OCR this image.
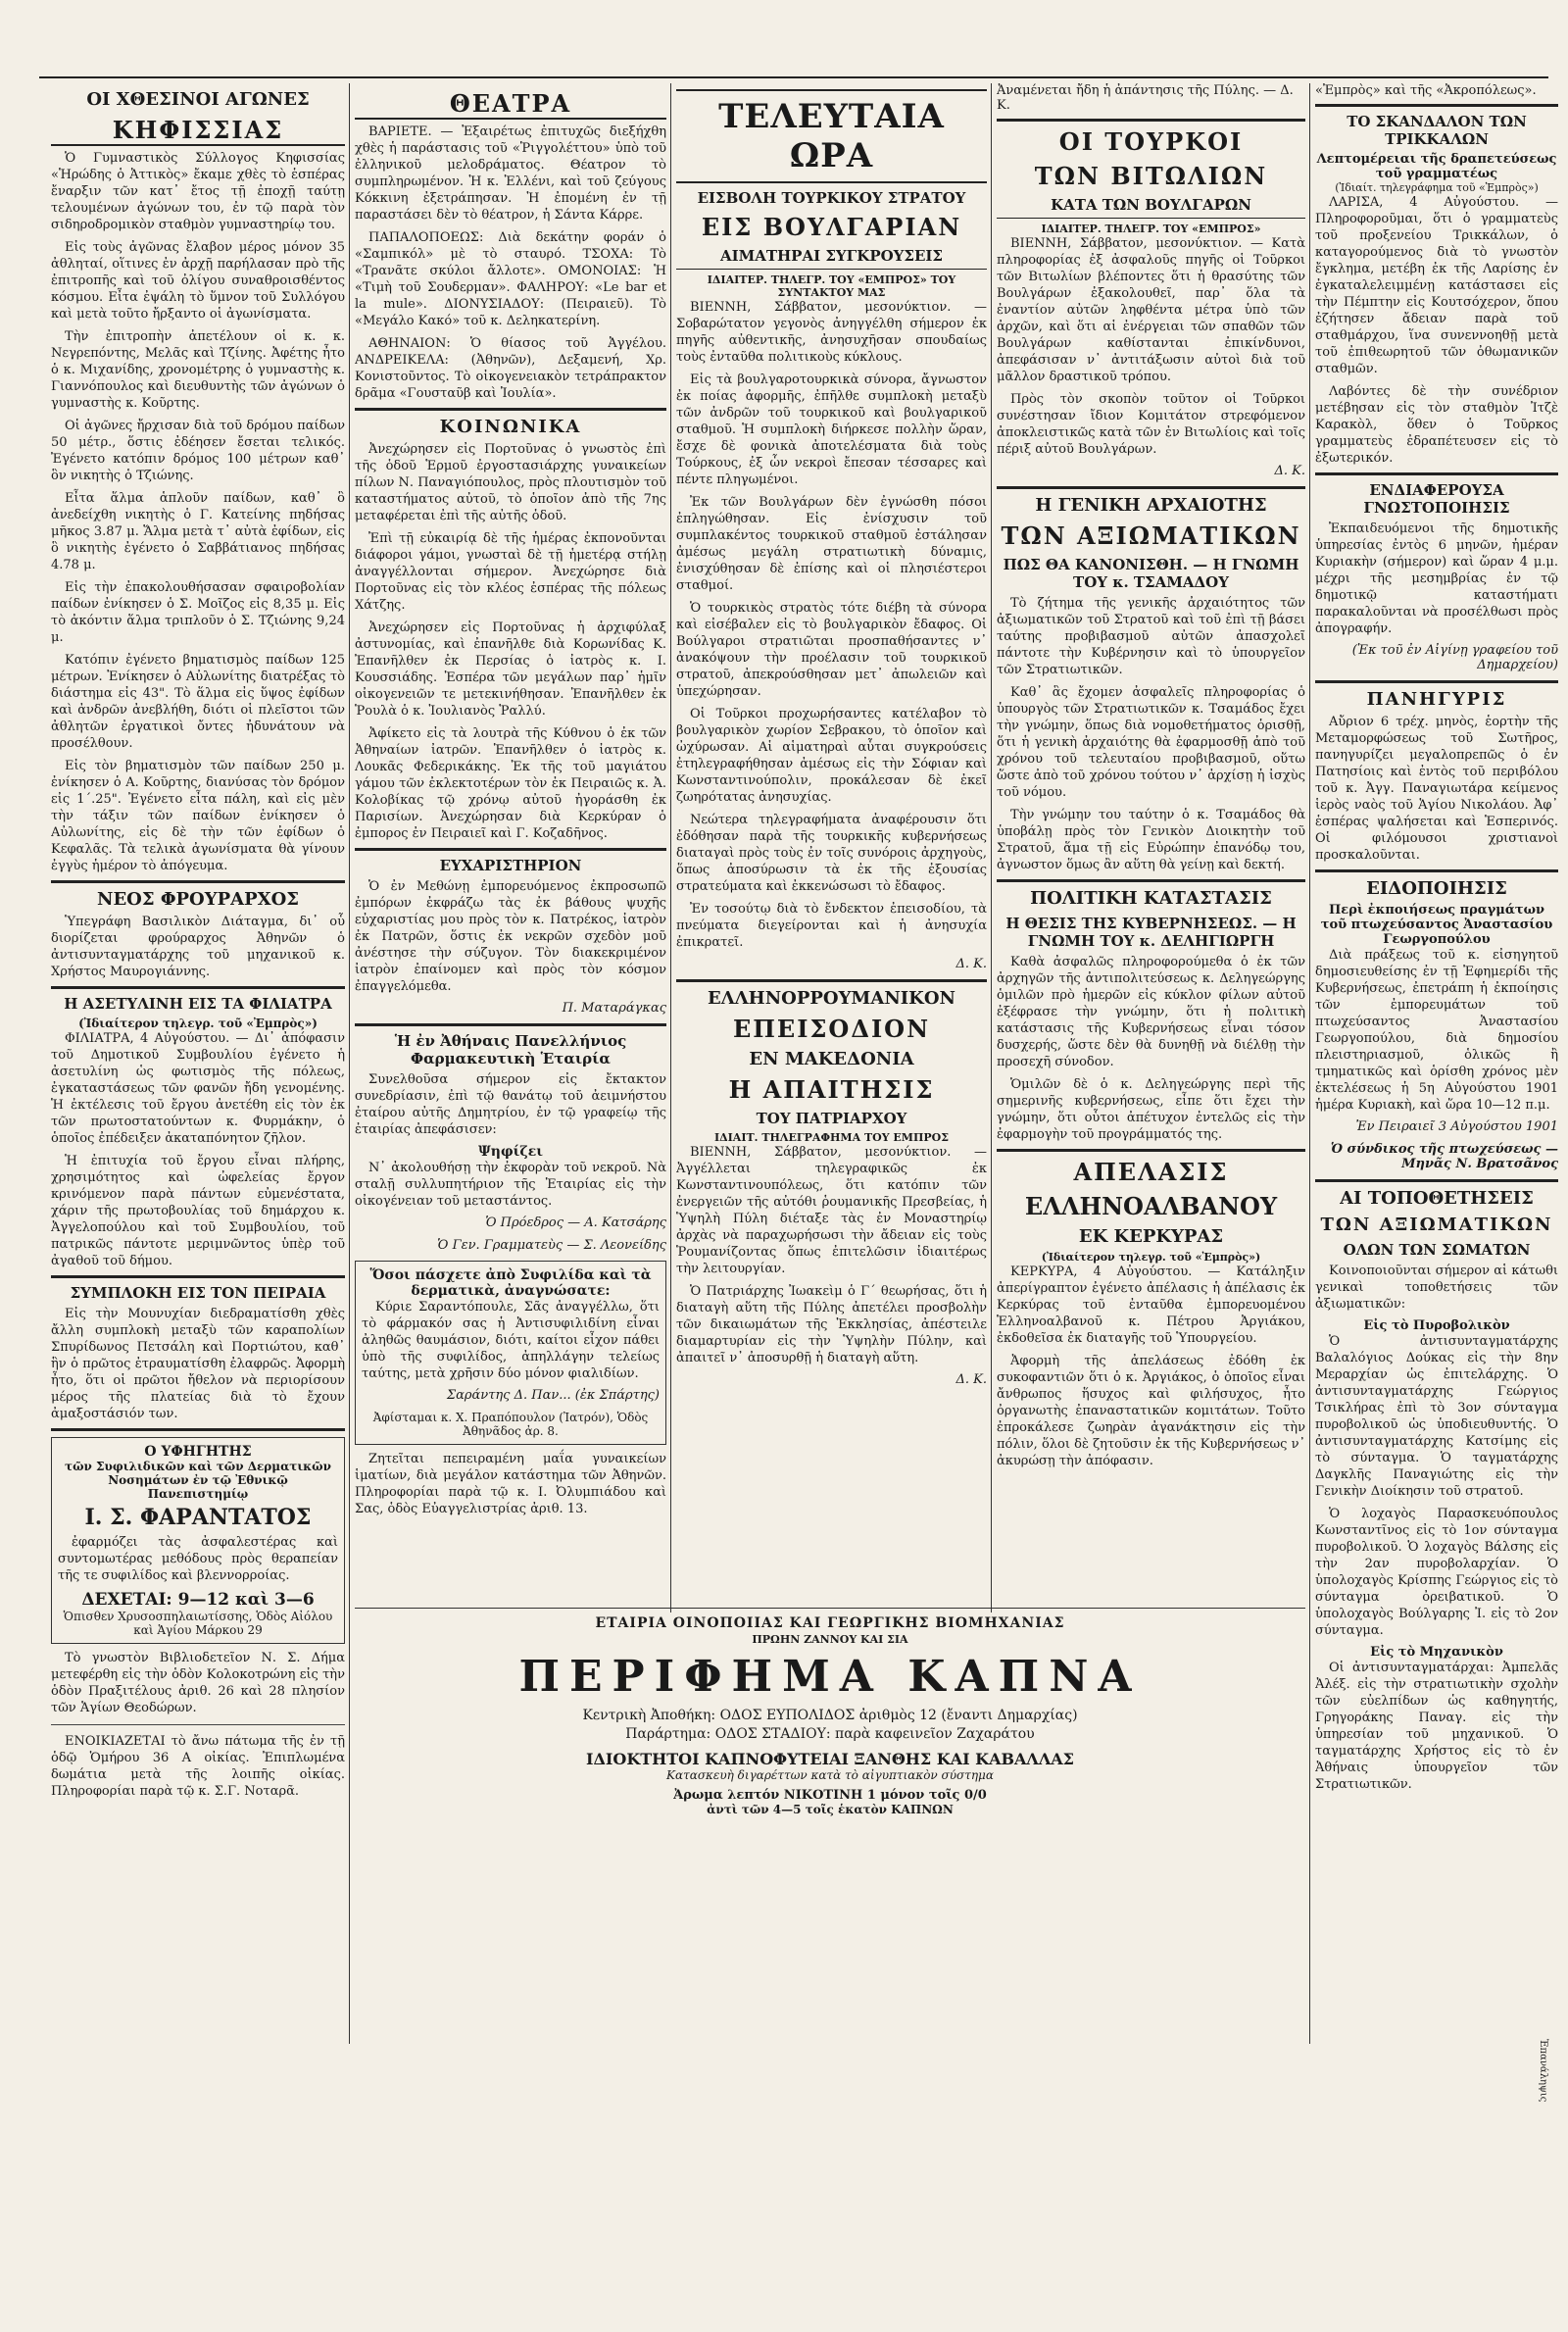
ΟΙ ΧΘΕΣΙΝΟΙ ΑΓΩΝΕΣ
ΚΗΦΙΣΣΙΑΣ

Ὁ Γυμναστικὸς Σύλλογος Κηφισσίας «Ἡρώδης ὁ Ἀττικὸς» ἔκαμε χθὲς τὸ ἑσπέρας ἔναρξιν τῶν κατ᾽ ἔτος τῇ ἐποχῇ ταύτῃ τελουμένων ἀγώνων του, ἐν τῷ παρὰ τὸν σιδηροδρομικὸν σταθμὸν γυμναστηρίῳ του.

Εἰς τοὺς ἀγῶνας ἔλαβον μέρος μόνον 35 ἀθληταί, οἵτινες ἐν ἀρχῇ παρήλασαν πρὸ τῆς ἐπιτροπῆς καὶ τοῦ ὀλίγου συναθροισθέντος κόσμου. Εἶτα ἐψάλη τὸ ὕμνον τοῦ Συλλόγου καὶ μετὰ τοῦτο ἤρξαντο οἱ ἀγωνίσματα.

Τὴν ἐπιτροπὴν ἀπετέλουν οἱ κ. κ. Νεγρεπόντης, Μελᾶς καὶ Τζίνης. Ἀφέτης ἦτο ὁ κ. Μιχανίδης, χρονομέτρης ὁ γυμναστὴς κ. Γιαννόπουλος καὶ διευθυντὴς τῶν ἀγώνων ὁ γυμναστὴς κ. Κοῦρτης.

Οἱ ἀγῶνες ἤρχισαν διὰ τοῦ δρόμου παίδων 50 μέτρ., ὅστις ἐδέησεν ἔσεται τελικός. Ἐγένετο κατόπιν δρόμος 100 μέτρων καθ᾽ ὃν νικητὴς ὁ Τζιώνης.

Εἶτα ἅλμα ἁπλοῦν παίδων, καθ᾽ ὃ ἀνεδείχθη νικητὴς ὁ Γ. Κατείνης πηδήσας μῆκος 3.87 μ. Ἅλμα μετὰ τ᾽ αὐτὰ ἐφίδων, εἰς ὃ νικητὴς ἐγένετο ὁ Σαββάτιανος πηδήσας 4.78 μ.

Εἰς τὴν ἐπακολουθήσασαν σφαιροβολίαν παίδων ἐνίκησεν ὁ Σ. Μοῖζος εἰς 8,35 μ. Εἰς τὸ ἀκόντιν ἅλμα τριπλοῦν ὁ Σ. Τζιώνης 9,24 μ.

Κατόπιν ἐγένετο βηματισμὸς παίδων 125 μέτρων. Ἐνίκησεν ὁ Αὐλωνίτης διατρέξας τὸ διάστημα εἰς 43". Τὸ ἅλμα εἰς ὕψος ἐφίδων καὶ ἀνδρῶν ἀνεβλήθη, διότι οἱ πλεῖστοι τῶν ἀθλητῶν ἐργατικοὶ ὄντες ἠδυνάτουν νὰ προσέλθουν.

Εἰς τὸν βηματισμὸν τῶν παίδων 250 μ. ἐνίκησεν ὁ Α. Κοῦρτης, διανύσας τὸν δρόμον εἰς 1΄.25". Ἐγένετο εἶτα πάλη, καὶ εἰς μὲν τὴν τάξιν τῶν παίδων ἐνίκησεν ὁ Αὐλωνίτης, εἰς δὲ τὴν τῶν ἐφίδων ὁ Κεφαλᾶς. Τὰ τελικὰ ἀγωνίσματα θὰ γίνουν ἐγγὺς ἡμέρον τὸ ἀπόγευμα.

ΝΕΟΣ ΦΡΟΥΡΑΡΧΟΣ

Ὑπεγράφη Βασιλικὸν Διάταγμα, δι᾽ οὗ διορίζεται φρούραρχος Ἀθηνῶν ὁ ἀντισυνταγματάρχης τοῦ μηχανικοῦ κ. Χρήστος Μαυρογιάννης.

Η ΑΣΕΤΥΛΙΝΗ ΕΙΣ ΤΑ ΦΙΛΙΑΤΡΑ
(Ἰδιαίτερον τηλεγρ. τοῦ «Ἐμπρὸς»)

ΦΙΛΙΑΤΡΑ, 4 Αὐγούστου. — Δι᾽ ἀπόφασιν τοῦ Δημοτικοῦ Συμβουλίου ἐγένετο ἡ ἀσετυλίνη ὡς φωτισμὸς τῆς πόλεως, ἐγκαταστάσεως τῶν φανῶν ἤδη γενομένης. Ἡ ἐκτέλεσις τοῦ ἔργου ἀνετέθη εἰς τὸν ἐκ τῶν πρωτοστατούντων κ. Φυρμάκην, ὁ ὁποῖος ἐπέδειξεν ἀκαταπόνητον ζῆλον.

Ἡ ἐπιτυχία τοῦ ἔργου εἶναι πλήρης, χρησιμότητος καὶ ὠφελείας ἔργον κρινόμενον παρὰ πάντων εὐμενέστατα, χάριν τῆς πρωτοβουλίας τοῦ δημάρχου κ. Ἀγγελοπούλου καὶ τοῦ Συμβουλίου, τοῦ πατρικῶς πάντοτε μεριμνῶντος ὑπὲρ τοῦ ἀγαθοῦ τοῦ δήμου.

ΣΥΜΠΛΟΚΗ ΕΙΣ ΤΟΝ ΠΕΙΡΑΙΑ

Εἰς τὴν Μουνυχίαν διεδραματίσθη χθὲς ἄλλη συμπλοκὴ μεταξὺ τῶν καραπολίων Σπυρίδωνος Πετσάλη καὶ Πορτιώτου, καθ᾽ ἣν ὁ πρῶτος ἐτραυματίσθη ἐλαφρῶς. Ἀφορμὴ ἦτο, ὅτι οἱ πρῶτοι ἤθελον νὰ περιορίσουν μέρος τῆς πλατείας διὰ τὸ ἔχουν ἀμαξοστάσιόν των.

Ο ΥΦΗΓΗΤΗΣ
τῶν Συφιλιδικῶν καὶ τῶν Δερματικῶν Νοσημάτων ἐν τῷ Ἐθνικῷ Πανεπιστημίῳ
Ι. Σ. ΦΑΡΑΝΤΑΤΟΣ

ἐφαρμόζει τὰς ἀσφαλεστέρας καὶ συντομωτέρας μεθόδους πρὸς θεραπείαν τῆς τε συφιλίδος καὶ βλεννορροίας.

ΔΕΧΕΤΑΙ: 9—12 καὶ 3—6
Ὁπισθεν Χρυσοσπηλαιωτίσσης, Ὁδὸς Αἰόλου καὶ Ἁγίου Μάρκου 29

Τὸ γνωστὸν Βιβλιοδετεῖον Ν. Σ. Δήμα μετεφέρθη εἰς τὴν ὁδὸν Κολοκοτρώνη εἰς τὴν ὁδὸν Πραξιτέλους ἀριθ. 26 καὶ 28 πλησίον τῶν Ἁγίων Θεοδώρων.

ΕΝΟΙΚΙΑΖΕΤΑΙ τὸ ἄνω πάτωμα τῆς ἐν τῇ ὁδῷ Ὁμήρου 36 Α οἰκίας. Ἐπιπλωμένα δωμάτια μετὰ τῆς λοιπῆς οἰκίας. Πληροφορίαι παρὰ τῷ κ. Σ.Γ. Νοταρᾶ.

ΘΕΑΤΡΑ

ΒΑΡΙΕΤΕ. — Ἐξαιρέτως ἐπιτυχῶς διεξήχθη χθὲς ἡ παράστασις τοῦ «Ῥιγγολέττου» ὑπὸ τοῦ ἐλληνικοῦ μελοδράματος. Θέατρον τὸ συμπληρωμένον. Ἡ κ. Ἐλλένι, καὶ τοῦ ζεύγους Κόκκινη ἐξετράπησαν. Ἡ ἐπομένη ἐν τῇ παραστάσει δὲν τὸ θέατρον, ἡ Σάντα Κάρρε.

ΠΑΠΑΛΟΠΟΕΩΣ: Διὰ δεκάτην φοράν ὁ «Σαμπικόλ» μὲ τὸ σταυρό. ΤΣΟΧΑ: Τὸ «Τρανᾶτε σκύλοι ἄλλοτε». ΟΜΟΝΟΙΑΣ: Ἡ «Τιμὴ τοῦ Σουδερμαν». ΦΑΛΗΡΟΥ: «Le bar et la mule». ΔΙΟΝΥΣΙΑΔΟΥ: (Πειραιεῦ). Τὸ «Μεγάλο Κακό» τοῦ κ. Δεληκατερίνη.

ΑΘΗΝΑΙΟΝ: Ὁ θίασος τοῦ Ἀγγέλου. ΑΝΔΡΕΙΚΕΛΑ: (Ἀθηνῶν), Δεξαμενή, Χρ. Κονιστοῦντος. Τὸ οἰκογενειακὸν τετράπρακτον δρᾶμα «Γουσταῦβ καὶ Ἰουλία».

ΚΟΙΝΩΝΙΚΑ

Ἀνεχώρησεν εἰς Πορτοῦνας ὁ γνωστὸς ἐπὶ τῆς ὁδοῦ Ἑρμοῦ ἐργοστασιάρχης γυναικείων πίλων Ν. Παναγιόπουλος, πρὸς πλουτισμὸν τοῦ καταστήματος αὐτοῦ, τὸ ὁποῖον ἀπὸ τῆς 7ης μεταφέρεται ἐπὶ τῆς αὐτῆς ὁδοῦ.

Ἐπὶ τῇ εὐκαιρίᾳ δὲ τῆς ἡμέρας ἐκπονοῦνται διάφοροι γάμοι, γνωσταὶ δὲ τῇ ἡμετέρᾳ στήλῃ ἀναγγέλλονται σήμερον. Ἀνεχώρησε διὰ Πορτοῦνας εἰς τὸν κλέος ἐσπέρας τῆς πόλεως Χάτζης.

Ἀνεχώρησεν εἰς Πορτοῦνας ἡ ἀρχιφύλαξ ἀστυνομίας, καὶ ἐπανῆλθε διὰ Κορωνίδας Κ. Ἐπανῆλθεν ἐκ Περσίας ὁ ἰατρὸς κ. Ι. Κουσσιάδης. Ἐσπέρα τῶν μεγάλων παρ᾽ ἡμῖν οἰκογενειῶν τε μετεκινήθησαν. Ἐπανῆλθεν ἐκ Ῥουλὰ ὁ κ. Ἰουλιανὸς Ῥαλλύ.

Ἀφίκετο εἰς τὰ λουτρὰ τῆς Κύθνου ὁ ἐκ τῶν Ἀθηναίων ἰατρῶν. Ἐπανῆλθεν ὁ ἰατρὸς κ. Λουκᾶς Φεδερικάκης. Ἐκ τῆς τοῦ μαγιάτου γάμου τῶν ἐκλεκτοτέρων τὸν ἐκ Πειραιῶς κ. Ἀ. Κολοβίκας τῷ χρόνῳ αὐτοῦ ἠγοράσθη ἐκ Παρισίων. Ἀνεχώρησαν διὰ Κερκύραν ὁ ἐμπορος ἐν Πειραιεῖ καὶ Γ. Κοζαδῆνος.

ΕΥΧΑΡΙΣΤΗΡΙΟΝ

Ὁ ἐν Μεθώνῃ ἐμπορευόμενος ἐκπροσωπῶ ἐμπόρων ἐκφράζω τὰς ἐκ βάθους ψυχῆς εὐχαριστίας μου πρὸς τὸν κ. Πατρέκος, ἰατρὸν ἐκ Πατρῶν, ὅστις ἐκ νεκρῶν σχεδὸν μοῦ ἀνέστησε τὴν σύζυγον. Τὸν διακεκριμένον ἰατρὸν ἐπαίνομεν καὶ πρὸς τὸν κόσμον ἐπαγγελόμεθα.

Π. Ματαράγκας
Ἡ ἐν Ἀθήναις Πανελλήνιος Φαρμακευτικὴ Ἑταιρία

Συνελθοῦσα σήμερον εἰς ἔκτακτον συνεδρίασιν, ἐπὶ τῷ θανάτῳ τοῦ ἀειμνήστου ἐταίρου αὐτῆς Δημητρίου, ἐν τῷ γραφείῳ τῆς ἐταιρίας ἀπεφάσισεν:

Ψηφίζει

Ν᾽ ἀκολουθήσῃ τὴν ἐκφορὰν τοῦ νεκροῦ. Νὰ σταλῇ συλλυπητήριον τῆς Ἑταιρίας εἰς τὴν οἰκογένειαν τοῦ μεταστάντος.

Ὁ Πρόεδρος — Α. Κατσάρης
Ὁ Γεν. Γραμματεὺς — Σ. Λεονείδης
Ὅσοι πάσχετε ἀπὸ Συφιλίδα καὶ τὰ δερματικὰ, ἀναγνώσατε:

Κύριε Σαραντόπουλε, Σᾶς ἀναγγέλλω, ὅτι τὸ φάρμακόν σας ἡ Ἀντισυφιλιδίνη εἶναι ἀληθῶς θαυμάσιον, διότι, καίτοι εἶχον πάθει ὑπὸ τῆς συφιλίδος, ἀπηλλάγην τελείως ταύτης, μετὰ χρῆσιν δύο μόνον φιαλιδίων.

Σαράντης Δ. Παν... (ἐκ Σπάρτης)
Ἀφίσταμαι κ. Χ. Πραπόπουλον (Ἰατρόν), Ὁδὸς Ἀθηνᾶδος ἀρ. 8.

Ζητεῖται πεπειραμένη μαΐα γυναικείων ἱματίων, διὰ μεγάλον κατάστημα τῶν Ἀθηνῶν. Πληροφορίαι παρὰ τῷ κ. Ι. Ὀλυμπιάδου καὶ Σας, ὁδὸς Εὐαγγελιστρίας ἀριθ. 13.

ΤΕΛΕΥΤΑΙΑ ΩΡΑ
ΕΙΣΒΟΛΗ ΤΟΥΡΚΙΚΟΥ ΣΤΡΑΤΟΥ
ΕΙΣ ΒΟΥΛΓΑΡΙΑΝ
ΑΙΜΑΤΗΡΑΙ ΣΥΓΚΡΟΥΣΕΙΣ
ΙΔΙΑΙΤΕΡ. ΤΗΛΕΓΡ. ΤΟΥ «ΕΜΠΡΟΣ» ΤΟΥ ΣΥΝΤΑΚΤΟΥ ΜΑΣ

ΒΙΕΝΝΗ, Σάββατον, μεσονύκτιον. — Σοβαρώτατον γεγονὸς ἀνηγγέλθη σήμερον ἐκ πηγῆς αὐθεντικῆς, ἀνησυχῆσαν σπουδαίως τοὺς ἐνταῦθα πολιτικοὺς κύκλους.

Εἰς τὰ βουλγαροτουρκικὰ σύνορα, ἄγνωστον ἐκ ποίας ἀφορμῆς, ἐπῆλθε συμπλοκὴ μεταξὺ τῶν ἀνδρῶν τοῦ τουρκικοῦ καὶ βουλγαρικοῦ σταθμοῦ. Ἡ συμπλοκὴ διήρκεσε πολλὴν ὥραν, ἔσχε δὲ φονικὰ ἀποτελέσματα διὰ τοὺς Τούρκους, ἐξ ὧν νεκροὶ ἔπεσαν τέσσαρες καὶ πέντε πληγωμένοι.

Ἐκ τῶν Βουλγάρων δὲν ἐγνώσθη πόσοι ἐπληγώθησαν. Εἰς ἐνίσχυσιν τοῦ συμπλακέντος τουρκικοῦ σταθμοῦ ἐστάλησαν ἀμέσως μεγάλη στρατιωτικὴ δύναμις, ἐνισχύθησαν δὲ ἐπίσης καὶ οἱ πλησιέστεροι σταθμοί.

Ὁ τουρκικὸς στρατὸς τότε διέβη τὰ σύνορα καὶ εἰσέβαλεν εἰς τὸ βουλγαρικὸν ἔδαφος. Οἱ Βούλγαροι στρατιῶται προσπαθήσαντες ν᾽ ἀνακόψουν τὴν προέλασιν τοῦ τουρκικοῦ στρατοῦ, ἀπεκρούσθησαν μετ᾽ ἀπωλειῶν καὶ ὑπεχώρησαν.

Οἱ Τοῦρκοι προχωρήσαντες κατέλαβον τὸ βουλγαρικὸν χωρίον Σεβρακου, τὸ ὁποῖον καὶ ὠχύρωσαν. Αἱ αἱματηραὶ αὗται συγκρούσεις ἐτηλεγραφήθησαν ἀμέσως εἰς τὴν Σόφιαν καὶ Κωνσταντινούπολιν, προκάλεσαν δὲ ἐκεῖ ζωηρότατας ἀνησυχίας.

Νεώτερα τηλεγραφήματα ἀναφέρουσιν ὅτι ἐδόθησαν παρὰ τῆς τουρκικῆς κυβερνήσεως διαταγαὶ πρὸς τοὺς ἐν τοῖς συνόροις ἀρχηγοὺς, ὅπως ἀποσύρωσιν τὰ ἐκ τῆς ἐξουσίας στρατεύματα καὶ ἐκκενώσωσι τὸ ἔδαφος.

Ἐν τοσούτῳ διὰ τὸ ἔνδεκτον ἐπεισοδίου, τὰ πνεύματα διεγείρονται καὶ ἡ ἀνησυχία ἐπικρατεῖ.

Δ. Κ.
ΕΛΛΗΝΟΡΡΟΥΜΑΝΙΚΟΝ
ΕΠΕΙΣΟΔΙΟΝ
ΕΝ ΜΑΚΕΔΟΝΙΑ
Η ΑΠΑΙΤΗΣΙΣ
ΤΟΥ ΠΑΤΡΙΑΡΧΟΥ
ΙΔΙΑΙΤ. ΤΗΛΕΓΡΑΦΗΜΑ ΤΟΥ ΕΜΠΡΟΣ

ΒΙΕΝΝΗ, Σάββατον, μεσονύκτιον. — Ἀγγέλλεται τηλεγραφικῶς ἐκ Κωνσταντινουπόλεως, ὅτι κατόπιν τῶν ἐνεργειῶν τῆς αὐτόθι ῥουμανικῆς Πρεσβείας, ἡ Ὑψηλὴ Πύλη διέταξε τὰς ἐν Μοναστηρίῳ ἀρχὰς νὰ παραχωρήσωσι τὴν ἄδειαν εἰς τοὺς Ῥουμανίζοντας ὅπως ἐπιτελῶσιν ἰδιαιτέρως τὴν λειτουργίαν.

Ὁ Πατριάρχης Ἰωακεὶμ ὁ Γ΄ θεωρήσας, ὅτι ἡ διαταγὴ αὕτη τῆς Πύλης ἀπετέλει προσβολὴν τῶν δικαιωμάτων τῆς Ἐκκλησίας, ἀπέστειλε διαμαρτυρίαν εἰς τὴν Ὑψηλὴν Πύλην, καὶ ἀπαιτεῖ ν᾽ ἀποσυρθῇ ἡ διαταγὴ αὕτη.

Δ. Κ.
Ἀναμένεται ἤδη ἡ ἀπάντησις τῆς Πύλης. — Δ. Κ.
ΟΙ ΤΟΥΡΚΟΙ
ΤΩΝ ΒΙΤΩΛΙΩΝ
ΚΑΤΑ ΤΩΝ ΒΟΥΛΓΑΡΩΝ
ΙΔΙΑΙΤΕΡ. ΤΗΛΕΓΡ. ΤΟΥ «ΕΜΠΡΟΣ»

ΒΙΕΝΝΗ, Σάββατον, μεσονύκτιον. — Κατὰ πληροφορίας ἐξ ἀσφαλοῦς πηγῆς οἱ Τοῦρκοι τῶν Βιτωλίων βλέποντες ὅτι ἡ θρασύτης τῶν Βουλγάρων ἐξακολουθεῖ, παρ᾽ ὅλα τὰ ἐναντίον αὐτῶν ληφθέντα μέτρα ὑπὸ τῶν ἀρχῶν, καὶ ὅτι αἱ ἐνέργειαι τῶν σπαθῶν τῶν Βουλγάρων καθίστανται ἐπικίνδυνοι, ἀπεφάσισαν ν᾽ ἀντιτάξωσιν αὐτοὶ διὰ τοῦ μᾶλλον δραστικοῦ τρόπου.

Πρὸς τὸν σκοπὸν τοῦτον οἱ Τοῦρκοι συνέστησαν ἴδιον Κομιτάτον στρεφόμενον ἀποκλειστικῶς κατὰ τῶν ἐν Βιτωλίοις καὶ τοῖς πέριξ αὐτοῦ Βουλγάρων.

Δ. Κ.
Η ΓΕΝΙΚΗ ΑΡΧΑΙΟΤΗΣ
ΤΩΝ ΑΞΙΩΜΑΤΙΚΩΝ
ΠΩΣ ΘΑ ΚΑΝΟΝΙΣΘΗ. — Η ΓΝΩΜΗ ΤΟΥ κ. ΤΣΑΜΑΔΟΥ

Τὸ ζήτημα τῆς γενικῆς ἀρχαιότητος τῶν ἀξιωματικῶν τοῦ Στρατοῦ καὶ τοῦ ἐπὶ τῇ βάσει ταύτης προβιβασμοῦ αὐτῶν ἀπασχολεῖ πάντοτε τὴν Κυβέρνησιν καὶ τὸ ὑπουργεῖον τῶν Στρατιωτικῶν.

Καθ᾽ ἃς ἔχομεν ἀσφαλεῖς πληροφορίας ὁ ὑπουργὸς τῶν Στρατιωτικῶν κ. Τσαμάδος ἔχει τὴν γνώμην, ὅπως διὰ νομοθετήματος ὁρισθῇ, ὅτι ἡ γενικὴ ἀρχαιότης θὰ ἐφαρμοσθῇ ἀπὸ τοῦ χρόνου τοῦ τελευταίου προβιβασμοῦ, οὕτω ὥστε ἀπὸ τοῦ χρόνου τούτου ν᾽ ἀρχίσῃ ἡ ἰσχὺς τοῦ νόμου.

Τὴν γνώμην του ταύτην ὁ κ. Τσαμάδος θὰ ὑποβάλῃ πρὸς τὸν Γενικὸν Διοικητὴν τοῦ Στρατοῦ, ἅμα τῇ εἰς Εὐρώπην ἐπανόδῳ του, ἀγνωστον ὅμως ἂν αὕτη θὰ γείνῃ καὶ δεκτή.

ΠΟΛΙΤΙΚΗ ΚΑΤΑΣΤΑΣΙΣ
Η ΘΕΣΙΣ ΤΗΣ ΚΥΒΕΡΝΗΣΕΩΣ. — Η ΓΝΩΜΗ ΤΟΥ κ. ΔΕΛΗΓΙΩΡΓΗ

Καθὰ ἀσφαλῶς πληροφορούμεθα ὁ ἐκ τῶν ἀρχηγῶν τῆς ἀντιπολιτεύσεως κ. Δεληγεώργης ὁμιλῶν πρὸ ἡμερῶν εἰς κύκλον φίλων αὐτοῦ ἐξέφρασε τὴν γνώμην, ὅτι ἡ πολιτικὴ κατάστασις τῆς Κυβερνήσεως εἶναι τόσον δυσχερής, ὥστε δὲν θὰ δυνηθῇ νὰ διέλθῃ τὴν προσεχῆ σύνοδον.

Ὁμιλῶν δὲ ὁ κ. Δεληγεώργης περὶ τῆς σημερινῆς κυβερνήσεως, εἶπε ὅτι ἔχει τὴν γνώμην, ὅτι οὗτοι ἀπέτυχον ἐντελῶς εἰς τὴν ἐφαρμογὴν τοῦ προγράμματός της.

ΑΠΕΛΑΣΙΣ
ΕΛΛΗΝΟΑΛΒΑΝΟΥ
ΕΚ ΚΕΡΚΥΡΑΣ
(Ἰδιαίτερον τηλεγρ. τοῦ «Ἐμπρὸς»)

ΚΕΡΚΥΡΑ, 4 Αὐγούστου. — Κατάληξιν ἀπερίγραπτον ἐγένετο ἀπέλασις ἡ ἀπέλασις ἐκ Κερκύρας τοῦ ἐνταῦθα ἐμπορευομένου Ἑλληνοαλβανοῦ κ. Πέτρου Ἀργιάκου, ἐκδοθεῖσα ἐκ διαταγῆς τοῦ Ὑπουργείου.

Ἀφορμὴ τῆς ἀπελάσεως ἐδόθη ἐκ συκοφαντιῶν ὅτι ὁ κ. Ἀργιάκος, ὁ ὁποῖος εἶναι ἄνθρωπος ἥσυχος καὶ φιλήσυχος, ἦτο ὀργανωτὴς ἐπαναστατικῶν κομιτάτων. Τοῦτο ἐπροκάλεσε ζωηρὰν ἀγανάκτησιν εἰς τὴν πόλιν, ὅλοι δὲ ζητοῦσιν ἐκ τῆς Κυβερνήσεως ν᾽ ἀκυρώσῃ τὴν ἀπόφασιν.

«Ἐμπρὸς» καὶ τῆς «Ἀκροπόλεως».
ΤΟ ΣΚΑΝΔΑΛΟΝ ΤΩΝ ΤΡΙΚΚΑΛΩΝ
Λεπτομέρειαι τῆς δραπετεύσεως τοῦ γραμματέως
(Ἰδιαίτ. τηλεγράφημα τοῦ «Ἐμπρὸς»)

ΛΑΡΙΣΑ, 4 Αὐγούστου. — Πληροφοροῦμαι, ὅτι ὁ γραμματεὺς τοῦ προξενείου Τρικκάλων, ὁ καταγορούμενος διὰ τὸ γνωστὸν ἔγκλημα, μετέβη ἐκ τῆς Λαρίσης ἐν ἐγκαταλελειμμένῃ κατάστασει εἰς τὴν Πέμπτην εἰς Κουτσόχερον, ὅπου ἐζήτησεν ἄδειαν παρὰ τοῦ σταθμάρχου, ἵνα συνεννοηθῇ μετὰ τοῦ ἐπιθεωρητοῦ τῶν ὀθωμανικῶν σταθμῶν.

Λαβόντες δὲ τὴν συνέδριον μετέβησαν εἰς τὸν σταθμὸν Ἰτζὲ Καρακὸλ, ὅθεν ὁ Τοῦρκος γραμματεὺς ἐδραπέτευσεν εἰς τὸ ἐξωτερικόν.

ΕΝΔΙΑΦΕΡΟΥΣΑ ΓΝΩΣΤΟΠΟΙΗΣΙΣ

Ἐκπαιδευόμενοι τῆς δημοτικῆς ὑπηρεσίας ἐντὸς 6 μηνῶν, ἡμέραν Κυριακὴν (σήμερον) καὶ ὥραν 4 μ.μ. μέχρι τῆς μεσημβρίας ἐν τῷ δημοτικῷ καταστήματι παρακαλοῦνται νὰ προσέλθωσι πρὸς ἀπογραφήν.

(Ἐκ τοῦ ἐν Αἰγίνῃ γραφείου τοῦ Δημαρχείου)
ΠΑΝΗΓΥΡΙΣ

Αὔριον 6 τρέχ. μηνὸς, ἑορτὴν τῆς Μεταμορφώσεως τοῦ Σωτῆρος, πανηγυρίζει μεγαλοπρεπῶς ὁ ἐν Πατησίοις καὶ ἐντὸς τοῦ περιβόλου τοῦ κ. Ἀγγ. Παναγιωτάρα κείμενος ἱερὸς ναὸς τοῦ Ἁγίου Νικολάου. Ἀφ᾽ ἑσπέρας ψαλήσεται καὶ Ἑσπερινός. Οἱ φιλόμουσοι χριστιανοὶ προσκαλοῦνται.

ΕΙΔΟΠΟΙΗΣΙΣ
Περὶ ἐκποιήσεως πραγμάτων τοῦ πτωχεύσαντος Ἀναστασίου Γεωργοπούλου

Διὰ πράξεως τοῦ κ. εἰσηγητοῦ δημοσιευθείσης ἐν τῇ Ἐφημερίδι τῆς Κυβερνήσεως, ἐπετράπη ἡ ἐκποίησις τῶν ἐμπορευμάτων τοῦ πτωχεύσαντος Ἀναστασίου Γεωργοπούλου, διὰ δημοσίου πλειστηριασμοῦ, ὁλικῶς ἢ τμηματικῶς καὶ ὁρίσθη χρόνος μὲν ἐκτελέσεως ἡ 5η Αὐγούστου 1901 ἡμέρα Κυριακὴ, καὶ ὥρα 10—12 π.μ.

Ἐν Πειραιεῖ 3 Αὐγούστου 1901
Ὁ σύνδικος τῆς πτωχεύσεως — Μηνᾶς Ν. Βρατσᾶνος
ΑΙ ΤΟΠΟΘΕΤΗΣΕΙΣ
ΤΩΝ ΑΞΙΩΜΑΤΙΚΩΝ
ΟΛΩΝ ΤΩΝ ΣΩΜΑΤΩΝ

Κοινοποιοῦνται σήμερον αἱ κάτωθι γενικαὶ τοποθετήσεις τῶν ἀξιωματικῶν:

Εἰς τὸ Πυροβολικὸν

Ὁ ἀντισυνταγματάρχης Βαλαλόγιος Δούκας εἰς τὴν 8ην Μεραρχίαν ὡς ἐπιτελάρχης. Ὁ ἀντισυνταγματάρχης Γεώργιος Τσικλήρας ἐπὶ τὸ 3ον σύνταγμα πυροβολικοῦ ὡς ὑποδιευθυντής. Ὁ ἀντισυνταγματάρχης Κατσίμης εἰς τὸ σύνταγμα. Ὁ ταγματάρχης Δαγκλῆς Παναγιώτης εἰς τὴν Γενικὴν Διοίκησιν τοῦ στρατοῦ.

Ὁ λοχαγὸς Παρασκευόπουλος Κωνσταντῖνος εἰς τὸ 1ον σύνταγμα πυροβολικοῦ. Ὁ λοχαγὸς Βάλσης εἰς τὴν 2αν πυροβολαρχίαν. Ὁ ὑπολοχαγὸς Κρίσπης Γεώργιος εἰς τὸ σύνταγμα ὀρειβατικοῦ. Ὁ ὑπολοχαγὸς Βούλγαρης Ἰ. εἰς τὸ 2ον σύνταγμα.

Εἰς τὸ Μηχανικὸν

Οἱ ἀντισυνταγματάρχαι: Ἀμπελᾶς Ἀλέξ. εἰς τὴν στρατιωτικὴν σχολὴν τῶν εὐελπίδων ὡς καθηγητής, Γρηγοράκης Παναγ. εἰς τὴν ὑπηρεσίαν τοῦ μηχανικοῦ. Ὁ ταγματάρχης Χρήστος εἰς τὸ ἐν Ἀθήναις ὑπουργεῖον τῶν Στρατιωτικῶν.

ΕΤΑΙΡΙΑ ΟΙΝΟΠΟΙΙΑΣ ΚΑΙ ΓΕΩΡΓΙΚΗΣ ΒΙΟΜΗΧΑΝΙΑΣ
ΠΡΩΗΝ ΖΑΝΝΟΥ ΚΑΙ ΣΙΑ
ΠΕΡΙΦΗΜΑ ΚΑΠΝΑ
Κεντρικὴ Ἀποθήκη: ΟΔΟΣ ΕΥΠΟΛΙΔΟΣ ἀριθμὸς 12 (ἔναντι Δημαρχίας)
Παράρτημα: ΟΔΟΣ ΣΤΑΔΙΟΥ: παρὰ καφεινεῖον Ζαχαράτου
ΙΔΙΟΚΤΗΤΟΙ ΚΑΠΝΟΦΥΤΕΙΑΙ ΞΑΝΘΗΣ ΚΑΙ ΚΑΒΑΛΛΑΣ
Κατασκευὴ διγαρέττων κατὰ τὸ αἰγυπτιακὸν σύστημα
Ἀρωμα λεπτόν ΝΙΚΟΤΙΝΗ 1 μόνον τοῖς 0/0
ἀντὶ τῶν 4—5 τοῖς ἑκατὸν ΚΑΠΝΩΝ
Ἐπανάληψις
